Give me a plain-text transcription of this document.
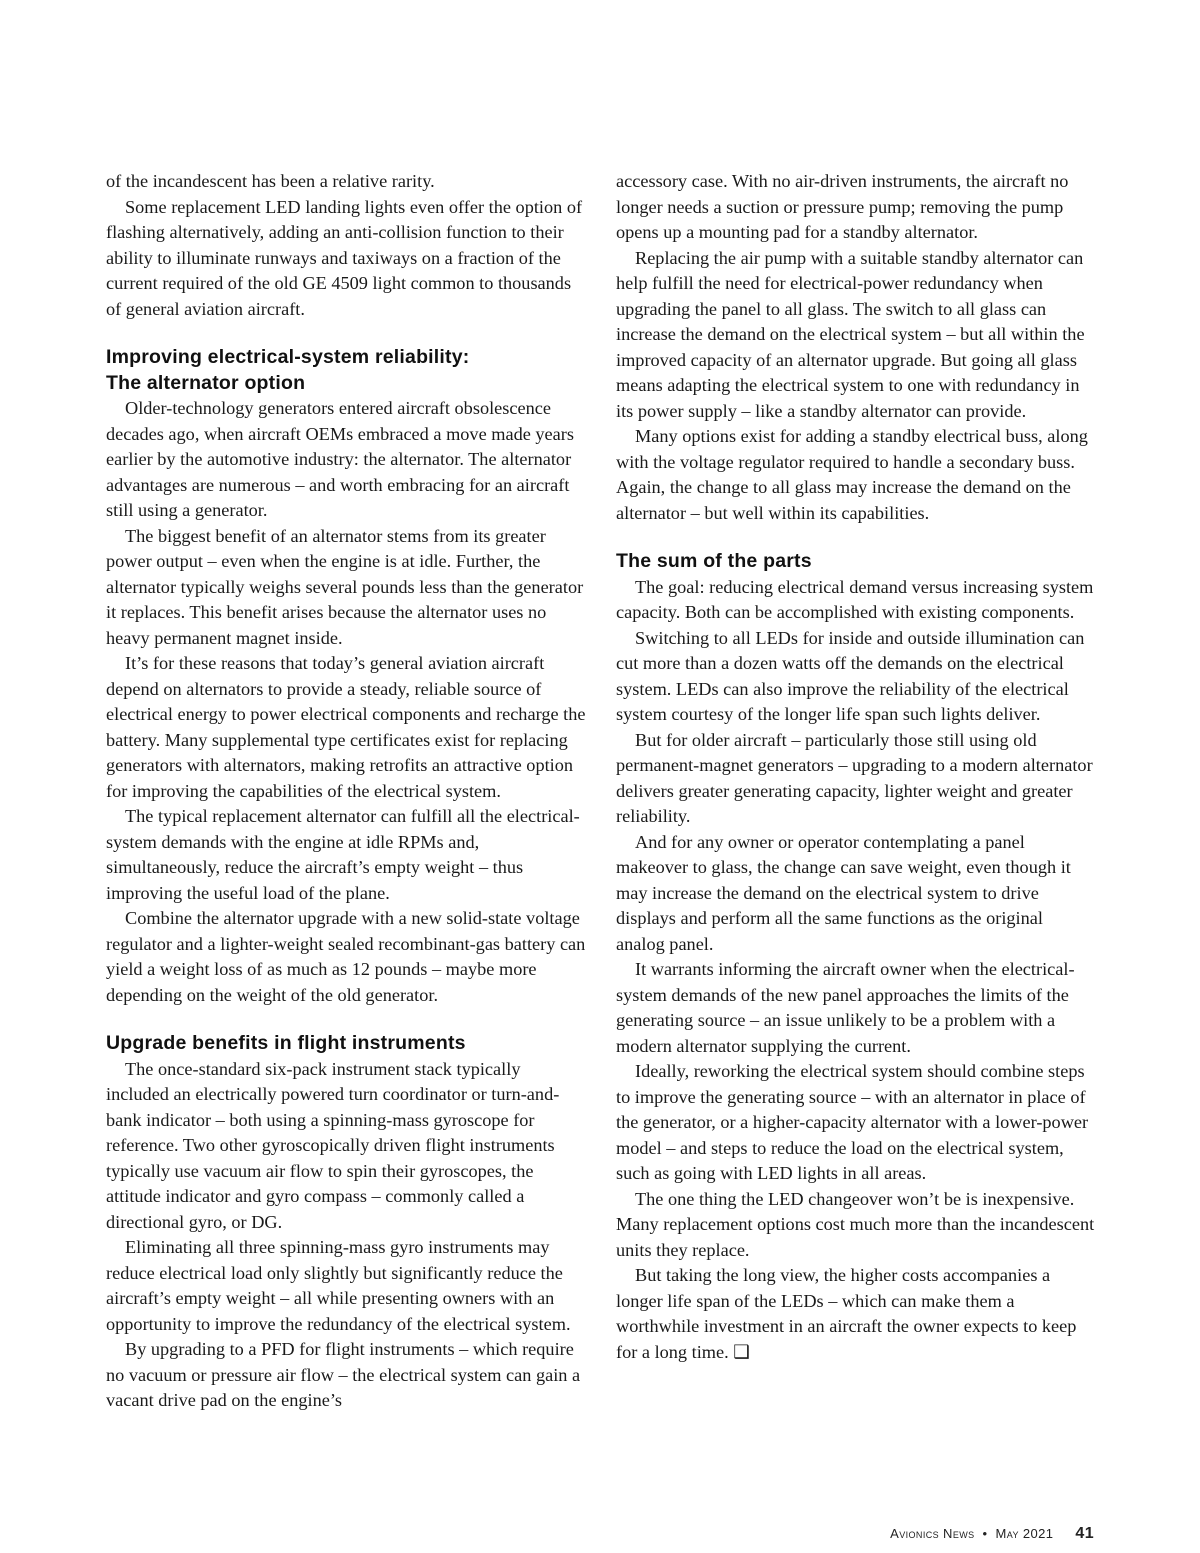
of the incandescent has been a relative rarity.

Some replacement LED landing lights even offer the option of flashing alternatively, adding an anti-collision function to their ability to illuminate runways and taxiways on a fraction of the current required of the old GE 4509 light common to thousands of general aviation aircraft.

Improving electrical-system reliability:
The alternator option

Older-technology generators entered aircraft obsolescence decades ago, when aircraft OEMs embraced a move made years earlier by the automotive industry: the alternator. The alternator advantages are numerous – and worth embracing for an aircraft still using a generator.

The biggest benefit of an alternator stems from its greater power output – even when the engine is at idle. Further, the alternator typically weighs several pounds less than the generator it replaces. This benefit arises because the alternator uses no heavy permanent magnet inside.

It’s for these reasons that today’s general aviation aircraft depend on alternators to provide a steady, reliable source of electrical energy to power electrical components and recharge the battery. Many supplemental type certificates exist for replacing generators with alternators, making retrofits an attractive option for improving the capabilities of the electrical system.

The typical replacement alternator can fulfill all the electrical-system demands with the engine at idle RPMs and, simultaneously, reduce the aircraft’s empty weight – thus improving the useful load of the plane.

Combine the alternator upgrade with a new solid-state voltage regulator and a lighter-weight sealed recombinant-gas battery can yield a weight loss of as much as 12 pounds – maybe more depending on the weight of the old generator.

Upgrade benefits in flight instruments

The once-standard six-pack instrument stack typically included an electrically powered turn coordinator or turn-and-bank indicator – both using a spinning-mass gyroscope for reference. Two other gyroscopically driven flight instruments typically use vacuum air flow to spin their gyroscopes, the attitude indicator and gyro compass – commonly called a directional gyro, or DG.

Eliminating all three spinning-mass gyro instruments may reduce electrical load only slightly but significantly reduce the aircraft’s empty weight – all while presenting owners with an opportunity to improve the redundancy of the electrical system.

By upgrading to a PFD for flight instruments – which require no vacuum or pressure air flow – the electrical system can gain a vacant drive pad on the engine’s

accessory case. With no air-driven instruments, the aircraft no longer needs a suction or pressure pump; removing the pump opens up a mounting pad for a standby alternator.

Replacing the air pump with a suitable standby alternator can help fulfill the need for electrical-power redundancy when upgrading the panel to all glass. The switch to all glass can increase the demand on the electrical system – but all within the improved capacity of an alternator upgrade. But going all glass means adapting the electrical system to one with redundancy in its power supply – like a standby alternator can provide.

Many options exist for adding a standby electrical buss, along with the voltage regulator required to handle a secondary buss. Again, the change to all glass may increase the demand on the alternator – but well within its capabilities.

The sum of the parts

The goal: reducing electrical demand versus increasing system capacity. Both can be accomplished with existing components.

Switching to all LEDs for inside and outside illumination can cut more than a dozen watts off the demands on the electrical system. LEDs can also improve the reliability of the electrical system courtesy of the longer life span such lights deliver.

But for older aircraft – particularly those still using old permanent-magnet generators – upgrading to a modern alternator delivers greater generating capacity, lighter weight and greater reliability.

And for any owner or operator contemplating a panel makeover to glass, the change can save weight, even though it may increase the demand on the electrical system to drive displays and perform all the same functions as the original analog panel.

It warrants informing the aircraft owner when the electrical-system demands of the new panel approaches the limits of the generating source – an issue unlikely to be a problem with a modern alternator supplying the current.

Ideally, reworking the electrical system should combine steps to improve the generating source – with an alternator in place of the generator, or a higher-capacity alternator with a lower-power model – and steps to reduce the load on the electrical system, such as going with LED lights in all areas.

The one thing the LED changeover won’t be is inexpensive. Many replacement options cost much more than the incandescent units they replace.

But taking the long view, the higher costs accompanies a longer life span of the LEDs – which can make them a worthwhile investment in an aircraft the owner expects to keep for a long time. ❑

Avionics News • May 2021 41
